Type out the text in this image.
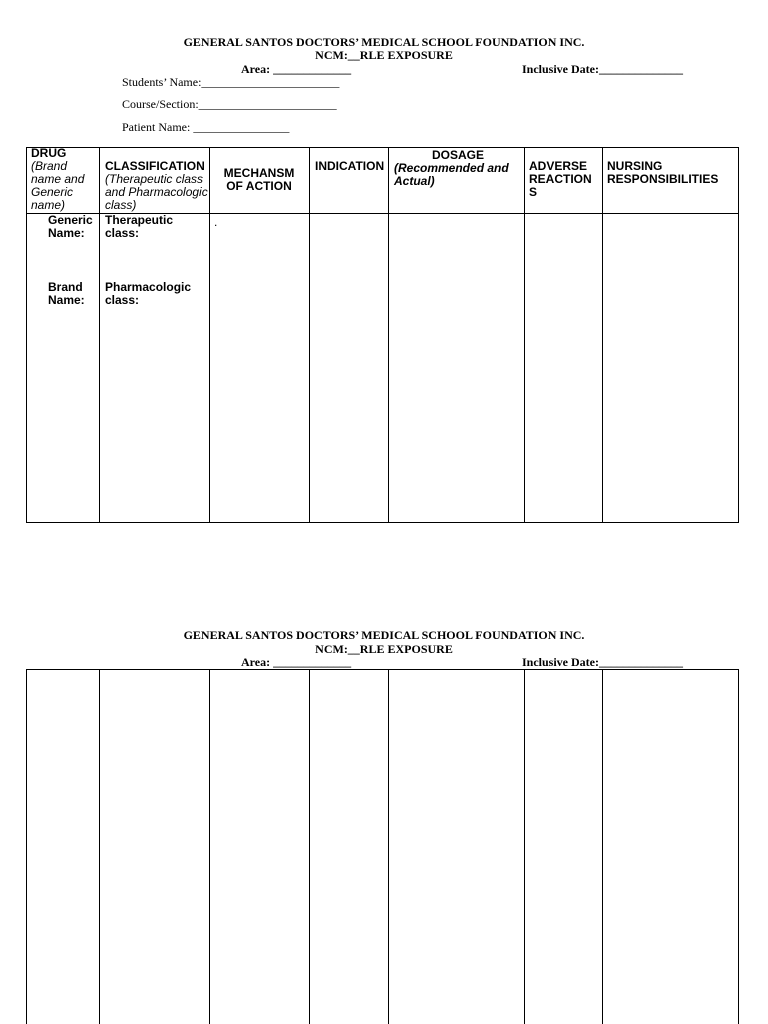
GENERAL SANTOS DOCTORS’ MEDICAL SCHOOL FOUNDATION INC.
NCM:__RLE EXPOSURE
Area: _____________	Inclusive Date:______________
Students’ Name:_______________________
Course/Section:_______________________
Patient Name: ________________
DRUG
(Brand name and Generic name)
CLASSIFICATION
(Therapeutic class and Pharmacologic class)
MECHANSM OF ACTION
INDICATION
DOSAGE
(Recommended and Actual)
ADVERSE REACTION S
NURSING RESPONSIBILITIES
Generic Name:
Brand Name:
Therapeutic class:
Pharmacologic class:
.
GENERAL SANTOS DOCTORS’ MEDICAL SCHOOL FOUNDATION INC.
NCM:__RLE EXPOSURE
Area: _____________	Inclusive Date:______________
